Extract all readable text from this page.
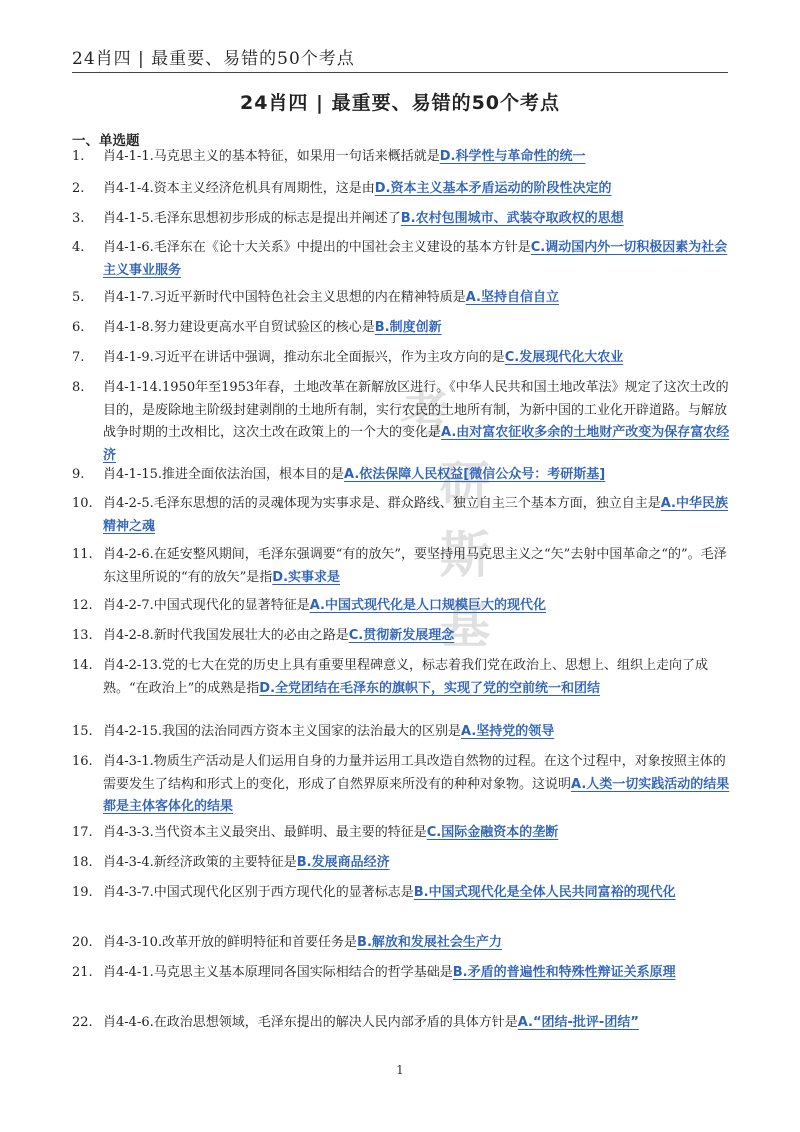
24肖四 | 最重要、易错的50个考点
24肖四 | 最重要、易错的50个考点
一、单选题
考
研
斯
基
1.	肖4-1-1.马克思主义的基本特征，如果用一句话来概括就是D.科学性与革命性的统一
2.	肖4-1-4.资本主义经济危机具有周期性，这是由D.资本主义基本矛盾运动的阶段性决定的
3.	肖4-1-5.毛泽东思想初步形成的标志是提出并阐述了B.农村包围城市、武装夺取政权的思想
4.	肖4-1-6.毛泽东在《论十大关系》中提出的中国社会主义建设的基本方针是C.调动国内外一切积极因素为社会主义事业服务
5.	肖4-1-7.习近平新时代中国特色社会主义思想的内在精神特质是A.坚持自信自立
6.	肖4-1-8.努力建设更高水平自贸试验区的核心是B.制度创新
7.	肖4-1-9.习近平在讲话中强调，推动东北全面振兴，作为主攻方向的是C.发展现代化大农业
8.	肖4-1-14.1950年至1953年春，土地改革在新解放区进行。《中华人民共和国土地改革法》规定了这次土改的目的，是废除地主阶级封建剥削的土地所有制，实行农民的土地所有制，为新中国的工业化开辟道路。与解放战争时期的土改相比，这次土改在政策上的一个大的变化是A.由对富农征收多余的土地财产改变为保存富农经济
9.	肖4-1-15.推进全面依法治国，根本目的是A.依法保障人民权益[微信公众号：考研斯基]
10. 肖4-2-5.毛泽东思想的活的灵魂体现为实事求是、群众路线、独立自主三个基本方面，独立自主是A.中华民族精神之魂
11. 肖4-2-6.在延安整风期间，毛泽东强调要“有的放矢”，要坚持用马克思主义之“矢”去射中国革命之“的”。毛泽东这里所说的“有的放矢”是指D.实事求是
12. 肖4-2-7.中国式现代化的显著特征是A.中国式现代化是人口规模巨大的现代化
13. 肖4-2-8.新时代我国发展壮大的必由之路是C.贯彻新发展理念
14. 肖4-2-13.党的七大在党的历史上具有重要里程碑意义，标志着我们党在政治上、思想上、组织上走向了成熟。“在政治上”的成熟是指D.全党团结在毛泽东的旗帜下，实现了党的空前统一和团结
15. 肖4-2-15.我国的法治同西方资本主义国家的法治最大的区别是A.坚持党的领导
16. 肖4-3-1.物质生产活动是人们运用自身的力量并运用工具改造自然物的过程。在这个过程中，对象按照主体的需要发生了结构和形式上的变化，形成了自然界原来所没有的种种对象物。这说明A.人类一切实践活动的结果都是主体客体化的结果
17. 肖4-3-3.当代资本主义最突出、最鲜明、最主要的特征是C.国际金融资本的垄断
18. 肖4-3-4.新经济政策的主要特征是B.发展商品经济
19. 肖4-3-7.中国式现代化区别于西方现代化的显著标志是B.中国式现代化是全体人民共同富裕的现代化
20. 肖4-3-10.改革开放的鲜明特征和首要任务是B.解放和发展社会生产力
21. 肖4-4-1.马克思主义基本原理同各国实际相结合的哲学基础是B.矛盾的普遍性和特殊性辩证关系原理
22. 肖4-4-6.在政治思想领域，毛泽东提出的解决人民内部矛盾的具体方针是A.“团结-批评-团结”
1
